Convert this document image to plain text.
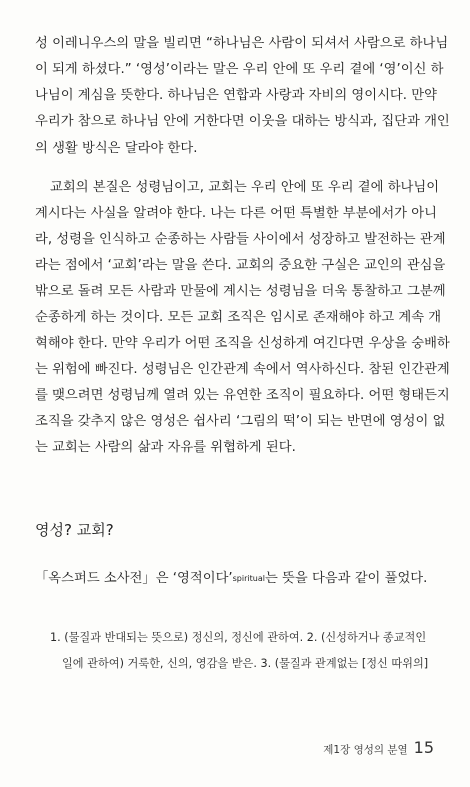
성 이레니우스의 말을 빌리면 “하나님은 사람이 되셔서 사람으로 하나님
이 되게 하셨다.” ‘영성’이라는 말은 우리 안에 또 우리 곁에 ‘영’이신 하
나님이 계심을 뜻한다. 하나님은 연합과 사랑과 자비의 영이시다. 만약
우리가 참으로 하나님 안에 거한다면 이웃을 대하는 방식과, 집단과 개인
의 생활 방식은 달라야 한다.
교회의 본질은 성령님이고, 교회는 우리 안에 또 우리 곁에 하나님이
계시다는 사실을 알려야 한다. 나는 다른 어떤 특별한 부분에서가 아니
라, 성령을 인식하고 순종하는 사람들 사이에서 성장하고 발전하는 관계
라는 점에서 ‘교회’라는 말을 쓴다. 교회의 중요한 구실은 교인의 관심을
밖으로 돌려 모든 사람과 만물에 계시는 성령님을 더욱 통찰하고 그분께
순종하게 하는 것이다. 모든 교회 조직은 임시로 존재해야 하고 계속 개
혁해야 한다. 만약 우리가 어떤 조직을 신성하게 여긴다면 우상을 숭배하
는 위험에 빠진다. 성령님은 인간관계 속에서 역사하신다. 참된 인간관계
를 맺으려면 성령님께 열려 있는 유연한 조직이 필요하다. 어떤 형태든지
조직을 갖추지 않은 영성은 쉽사리 ‘그림의 떡’이 되는 반면에 영성이 없
는 교회는 사람의 삶과 자유를 위협하게 된다.
영성? 교회?
「옥스퍼드 소사전」은 ‘영적이다’spiritual는 뜻을 다음과 같이 풀었다.
1. (물질과 반대되는 뜻으로) 정신의, 정신에 관하여. 2. (신성하거나 종교적인
일에 관하여) 거룩한, 신의, 영감을 받은. 3. (물질과 관계없는 [정신 따위의]
제1장 영성의 분열 15
